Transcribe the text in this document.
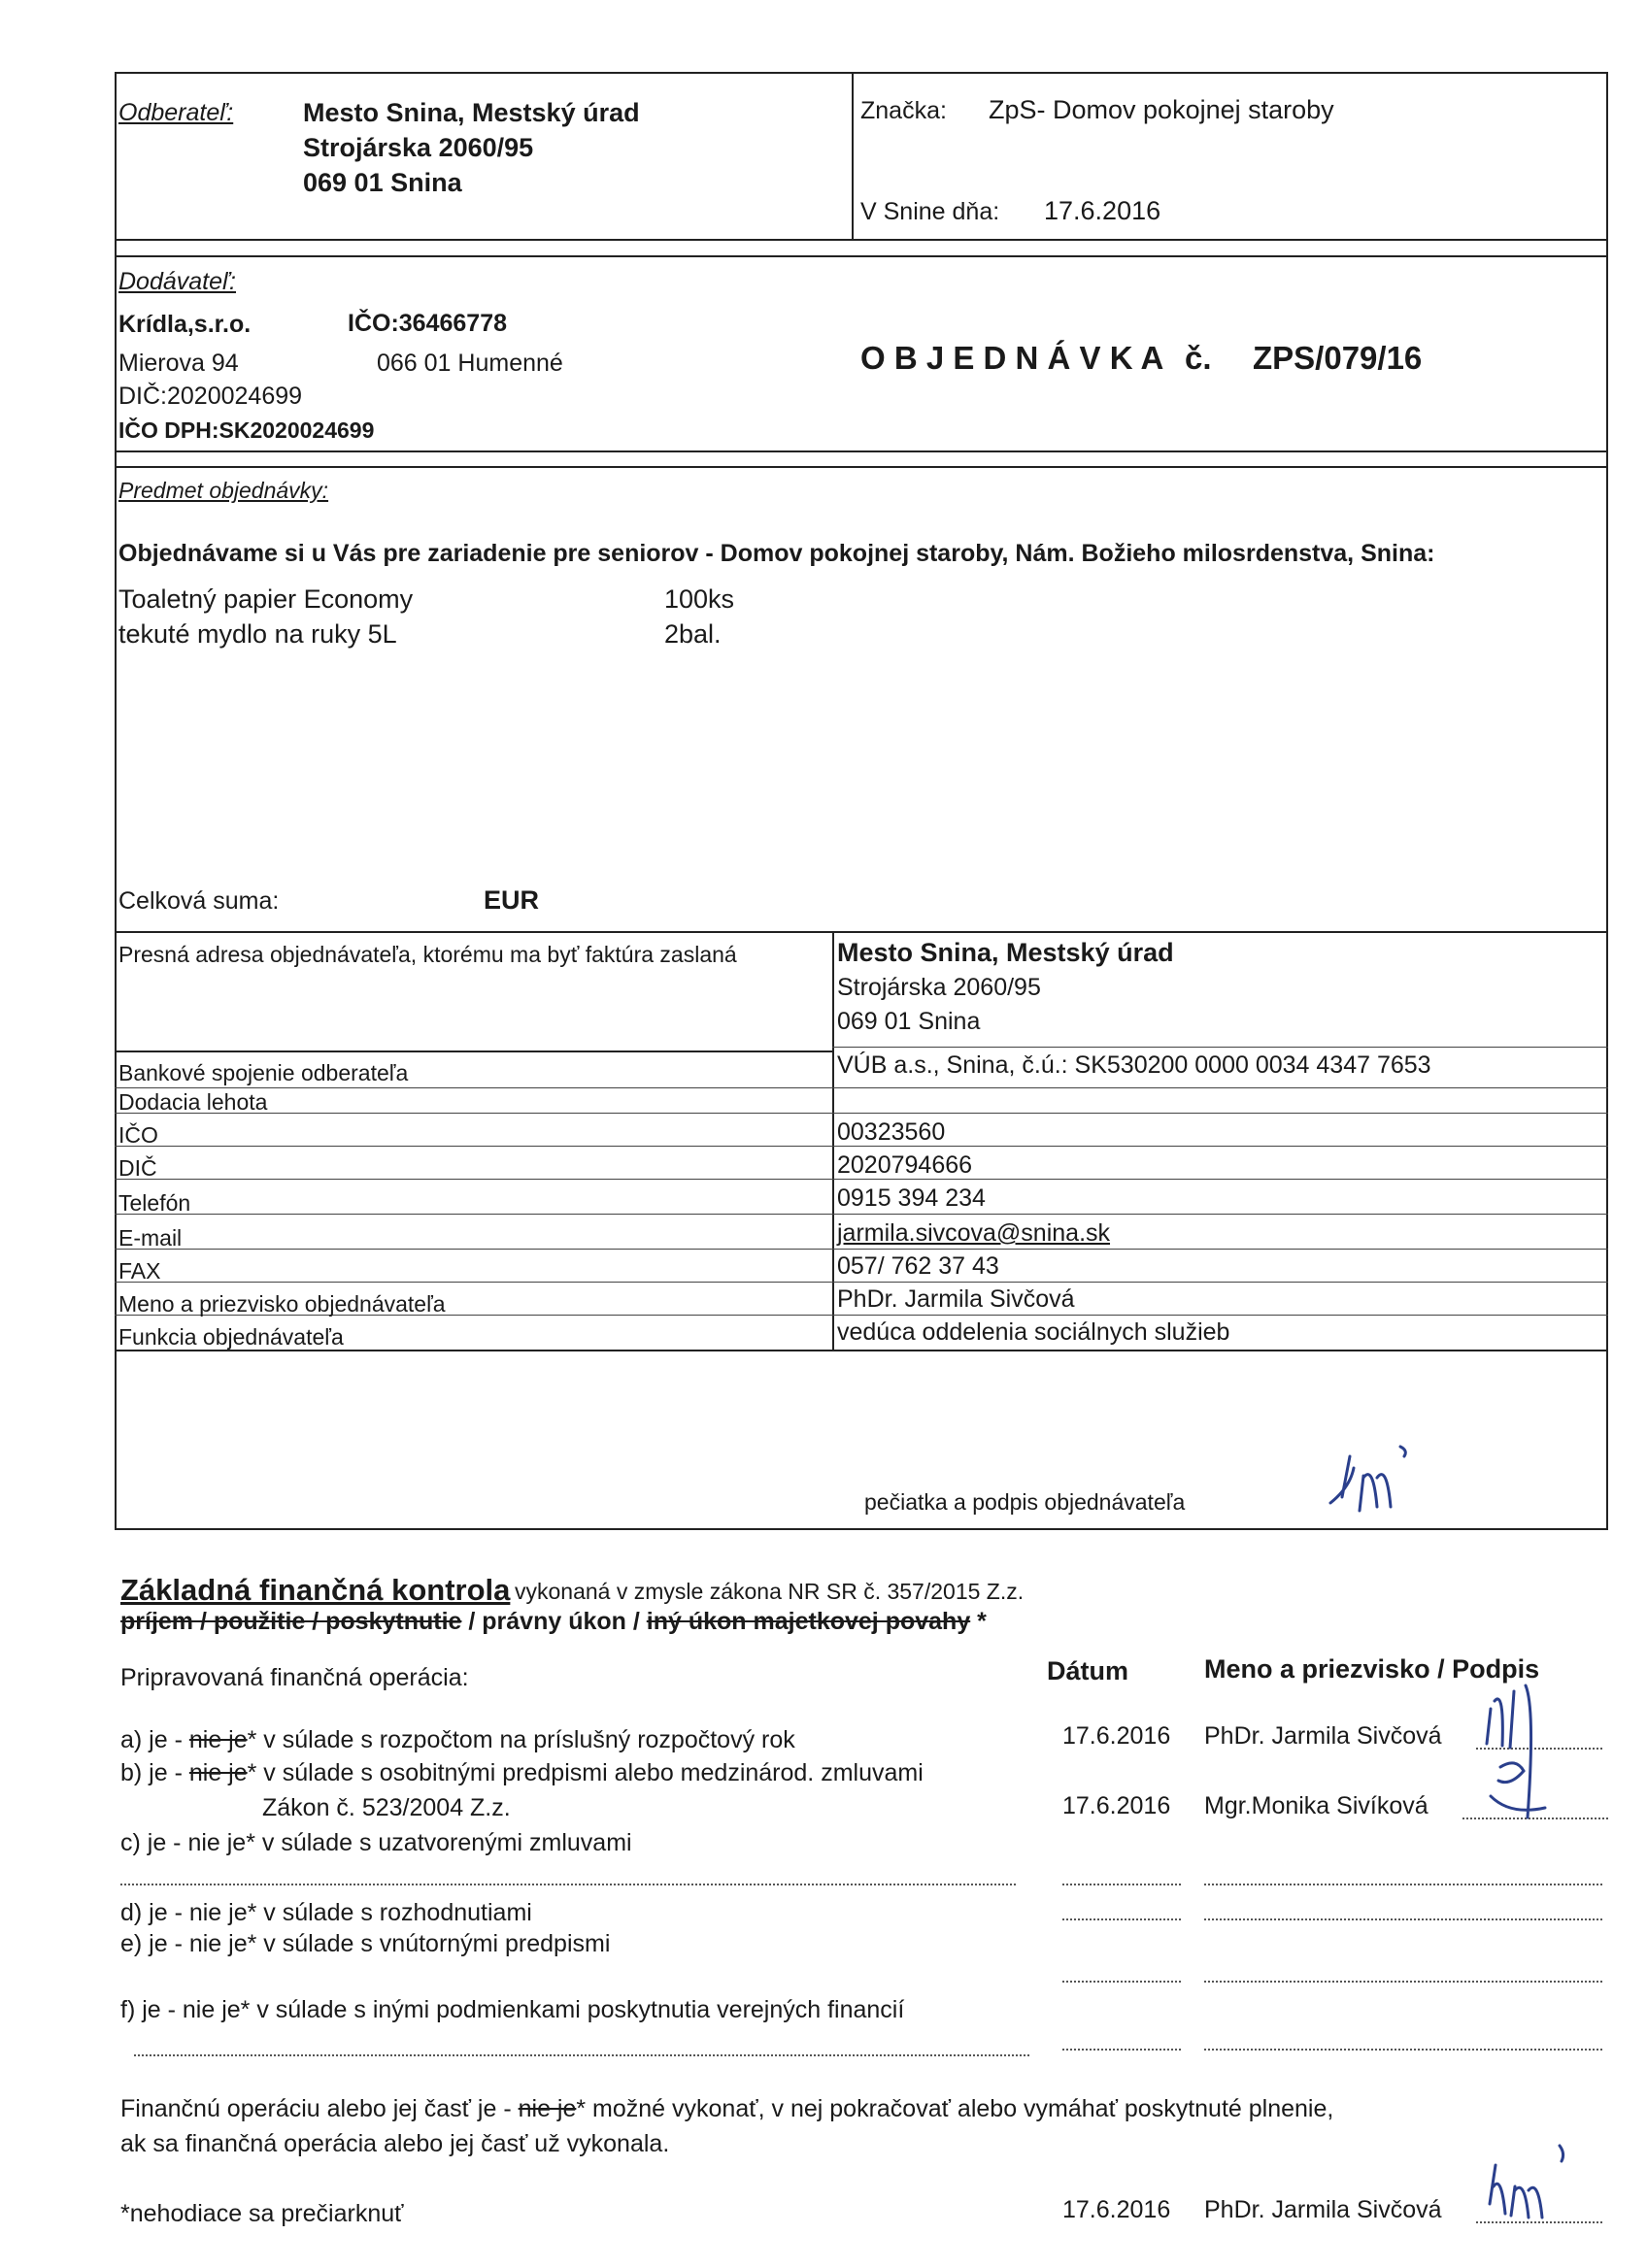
Odberateľ:	Mesto Snina, Mestský úrad
Strojárska 2060/95
069 01 Snina
Značka: ZpS- Domov pokojnej staroby
V Snine dňa: 17.6.2016
Dodávateľ:
Krídla,s.r.o.	IČO:36466778
Mierova 94	066 01 Humenné
DIČ:2020024699
IČO DPH:SK2020024699
O B J E D N Á V K A č. ZPS/079/16
Predmet objednávky:
Objednávame si u Vás pre zariadenie pre seniorov - Domov pokojnej staroby, Nám. Božieho milosrdenstva, Snina:
Toaletný papier Economy	100ks
tekuté mydlo na ruky 5L	2bal.
Celková suma:	EUR
Presná adresa objednávateľa, ktorému ma byť faktúra zaslaná	Mesto Snina, Mestský úrad
Strojárska 2060/95
069 01 Snina
Bankové spojenie odberateľa	VÚB a.s., Snina, č.ú.: SK530200 0000 0034 4347 7653
Dodacia lehota
IČO	00323560
DIČ	2020794666
Telefón	0915 394 234
E-mail	jarmila.sivcova@snina.sk
FAX	057/ 762 37 43
Meno a priezvisko objednávateľa	PhDr. Jarmila Sivčová
Funkcia objednávateľa	vedúca oddelenia sociálnych služieb
pečiatka a podpis objednávateľa
Základná finančná kontrola vykonaná v zmysle zákona NR SR č. 357/2015 Z.z.
príjem / použitie / poskytnutie / právny úkon / iný úkon majetkovej povahy *
Pripravovaná finančná operácia:	Dátum	Meno a priezvisko / Podpis
a) je - nie je* v súlade s rozpočtom na príslušný rozpočtový rok	17.6.2016 PhDr. Jarmila Sivčová
b) je - nie je* v súlade s osobitnými predpismi alebo medzinárod. zmluvami
Zákon č. 523/2004 Z.z.	17.6.2016 Mgr.Monika Sivíková
c) je - nie je* v súlade s uzatvorenými zmluvami
d) je - nie je* v súlade s rozhodnutiami
e) je - nie je* v súlade s vnútornými predpismi
f) je - nie je* v súlade s inými podmienkami poskytnutia verejných financií
Finančnú operáciu alebo jej časť je - nie je* možné vykonať, v nej pokračovať alebo vymáhať poskytnuté plnenie,
ak sa finančná operácia alebo jej časť už vykonala.
*nehodiace sa prečiarknuť	17.6.2016 PhDr. Jarmila Sivčová
